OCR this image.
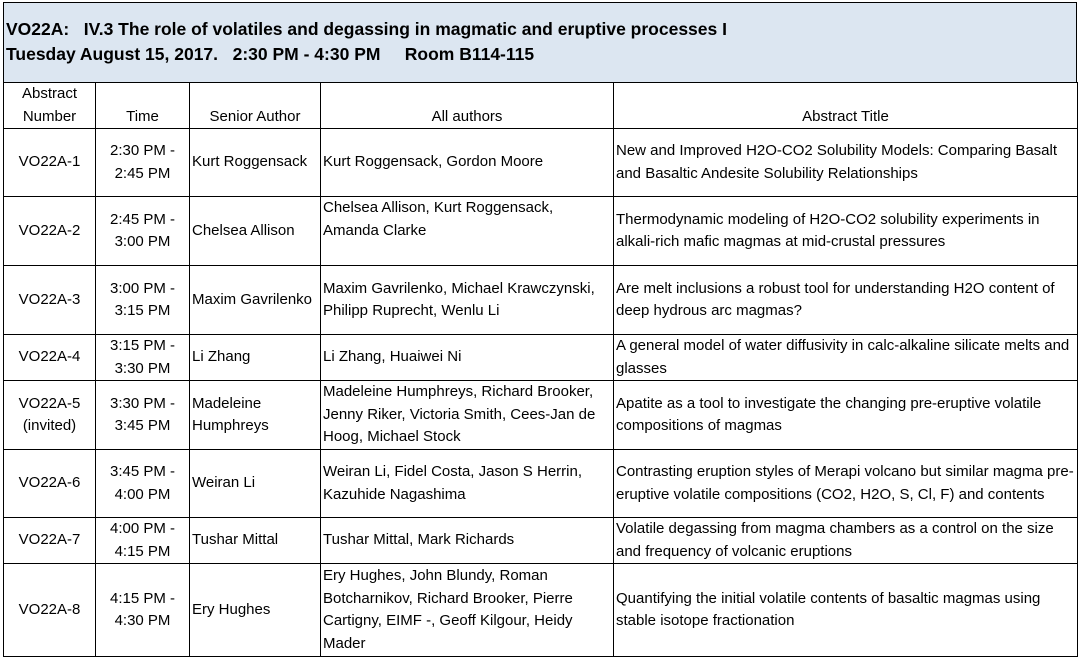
VO22A:   IV.3 The role of volatiles and degassing in magmatic and eruptive processes I
Tuesday August 15, 2017.   2:30 PM - 4:30 PM     Room B114-115
Abstract Number	Time	Senior Author	All authors	Abstract Title
VO22A-1	2:30 PM - 2:45 PM	Kurt Roggensack	Kurt Roggensack, Gordon Moore	New and Improved H2O-CO2 Solubility Models: Comparing Basalt and Basaltic Andesite Solubility Relationships
VO22A-2	2:45 PM - 3:00 PM	Chelsea Allison	Chelsea Allison, Kurt Roggensack, Amanda Clarke	Thermodynamic modeling of H2O-CO2 solubility experiments in alkali-rich mafic magmas at mid-crustal pressures
VO22A-3	3:00 PM - 3:15 PM	Maxim Gavrilenko	Maxim Gavrilenko, Michael Krawczynski, Philipp Ruprecht, Wenlu Li	Are melt inclusions a robust tool for understanding H2O content of deep hydrous arc magmas?
VO22A-4	3:15 PM - 3:30 PM	Li Zhang	Li Zhang, Huaiwei Ni	A general model of water diffusivity in calc-alkaline silicate melts and glasses
VO22A-5 (invited)	3:30 PM - 3:45 PM	Madeleine Humphreys	Madeleine Humphreys, Richard Brooker, Jenny Riker, Victoria Smith, Cees-Jan de Hoog, Michael Stock	Apatite as a tool to investigate the changing pre-eruptive volatile compositions of magmas
VO22A-6	3:45 PM - 4:00 PM	Weiran Li	Weiran Li, Fidel Costa, Jason S Herrin, Kazuhide Nagashima	Contrasting eruption styles of Merapi volcano but similar magma pre-eruptive volatile compositions (CO2, H2O, S, Cl, F) and contents
VO22A-7	4:00 PM - 4:15 PM	Tushar Mittal	Tushar Mittal, Mark Richards	Volatile degassing from magma chambers as a control on the size and frequency of volcanic eruptions
VO22A-8	4:15 PM - 4:30 PM	Ery Hughes	Ery Hughes, John Blundy, Roman Botcharnikov, Richard Brooker, Pierre Cartigny, EIMF -, Geoff Kilgour, Heidy Mader	Quantifying the initial volatile contents of basaltic magmas using stable isotope fractionation
